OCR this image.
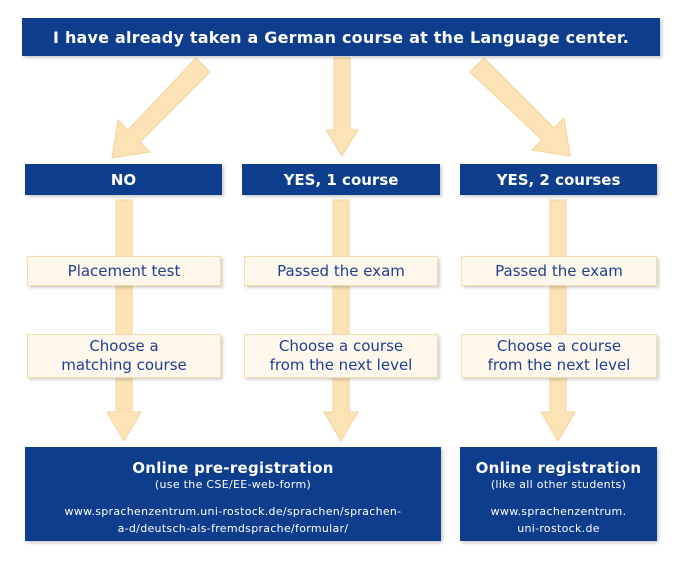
I have already taken a German course at the Language center.
NO	YES, 1 course	YES, 2 courses
Placement test	Passed the exam	Passed the exam
Choose a
matching course
Choose a course
from the next level
Choose a course
from the next level
Online pre-registration
(use the CSE/EE-web-form)
www.sprachenzentrum.uni-rostock.de/sprachen/sprachen-
a-d/deutsch-als-fremdsprache/formular/
Online registration
(like all other students)
www.sprachenzentrum.
uni-rostock.de
